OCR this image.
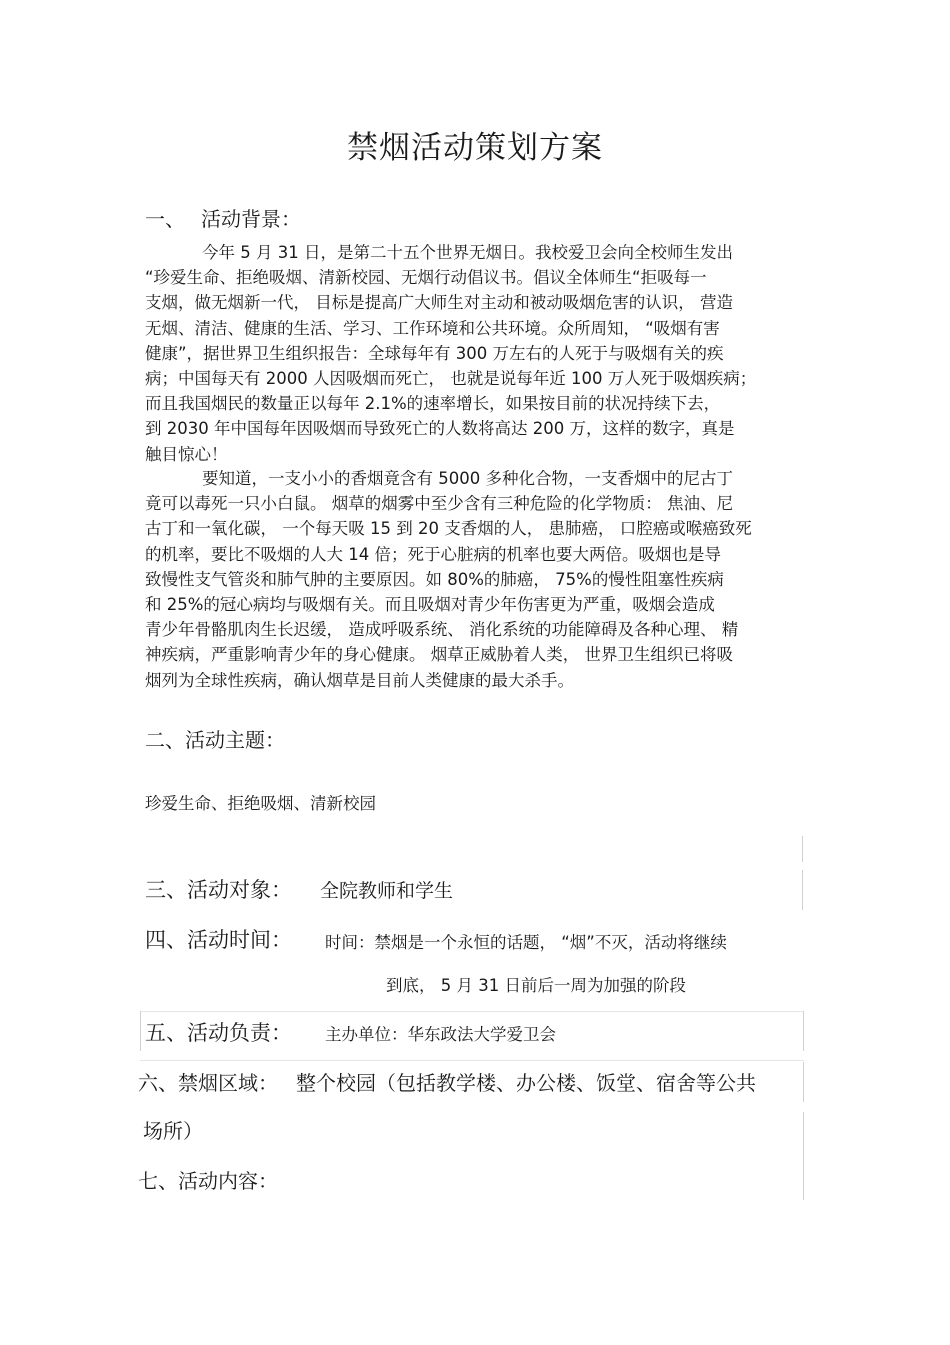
禁烟活动策划方案
一、 活动背景：
今年 5 月 31 日，是第二十五个世界无烟日。我校爱卫会向全校师生发出
“珍爱生命、拒绝吸烟、清新校园、无烟行动倡议书。倡议全体师生“拒吸每一
支烟，做无烟新一代， 目标是提高广大师生对主动和被动吸烟危害的认识， 营造
无烟、清洁、健康的生活、学习、工作环境和公共环境。众所周知， “吸烟有害
健康”，据世界卫生组织报告：全球每年有 300 万左右的人死于与吸烟有关的疾
病；中国每天有 2000 人因吸烟而死亡， 也就是说每年近 100 万人死于吸烟疾病；
而且我国烟民的数量正以每年 2.1%的速率增长，如果按目前的状况持续下去，
到 2030 年中国每年因吸烟而导致死亡的人数将高达 200 万，这样的数字，真是
触目惊心！
要知道，一支小小的香烟竟含有 5000 多种化合物，一支香烟中的尼古丁
竟可以毒死一只小白鼠。 烟草的烟雾中至少含有三种危险的化学物质： 焦油、尼
古丁和一氧化碳， 一个每天吸 15 到 20 支香烟的人， 患肺癌， 口腔癌或喉癌致死
的机率，要比不吸烟的人大 14 倍；死于心脏病的机率也要大两倍。吸烟也是导
致慢性支气管炎和肺气肿的主要原因。如 80%的肺癌， 75%的慢性阻塞性疾病
和 25%的冠心病均与吸烟有关。而且吸烟对青少年伤害更为严重，吸烟会造成
青少年骨骼肌肉生长迟缓， 造成呼吸系统、 消化系统的功能障碍及各种心理、 精
神疾病，严重影响青少年的身心健康。 烟草正威胁着人类， 世界卫生组织已将吸
烟列为全球性疾病，确认烟草是目前人类健康的最大杀手。
二、活动主题：
珍爱生命、拒绝吸烟、清新校园
三、活动对象： 全院教师和学生
四、活动时间： 时间：禁烟是一个永恒的话题， “烟”不灭，活动将继续
到底， 5 月 31 日前后一周为加强的阶段
五、活动负责： 主办单位：华东政法大学爱卫会
六、禁烟区域： 整个校园（包括教学楼、办公楼、饭堂、宿舍等公共
场所）
七、活动内容：
